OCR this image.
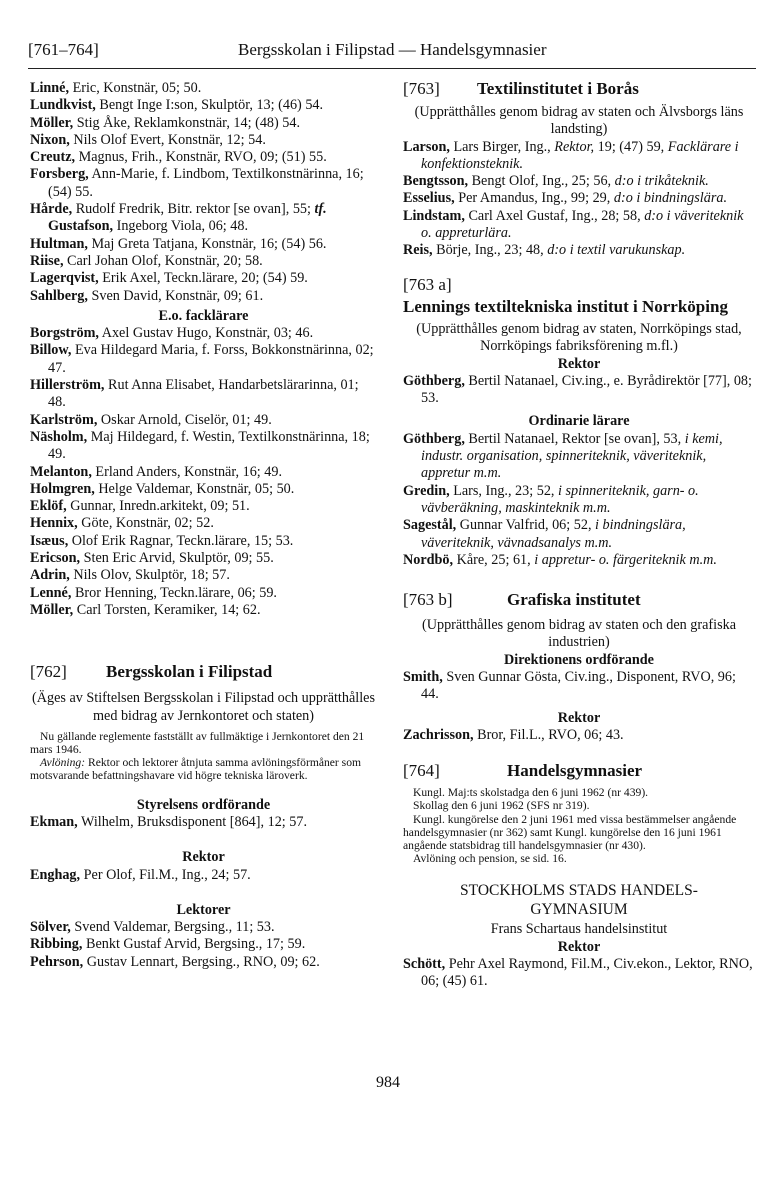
[761–764]	Bergsskolan i Filipstad — Handelsgymnasier

Linné, Eric, Konstnär, 05; 50.

Lundkvist, Bengt Inge I:son, Skulptör, 13; (46) 54.

Möller, Stig Åke, Reklamkonstnär, 14; (48) 54.

Nixon, Nils Olof Evert, Konstnär, 12; 54.

Creutz, Magnus, Frih., Konstnär, RVO, 09; (51) 55.

Forsberg, Ann-Marie, f. Lindbom, Textilkonstnärinna, 16; (54) 55.

Hårde, Rudolf Fredrik, Bitr. rektor [se ovan], 55; tf. Gustafson, Ingeborg Viola, 06; 48.

Hultman, Maj Greta Tatjana, Konstnär, 16; (54) 56.

Riise, Carl Johan Olof, Konstnär, 20; 58.

Lagerqvist, Erik Axel, Teckn.lärare, 20; (54) 59.

Sahlberg, Sven David, Konstnär, 09; 61.

E.o. facklärare

Borgström, Axel Gustav Hugo, Konstnär, 03; 46.

Billow, Eva Hildegard Maria, f. Forss, Bokkonstnärinna, 02; 47.

Hillerström, Rut Anna Elisabet, Handarbetslärarinna, 01; 48.

Karlström, Oskar Arnold, Ciselör, 01; 49.

Näsholm, Maj Hildegard, f. Westin, Textilkonstnärinna, 18; 49.

Melanton, Erland Anders, Konstnär, 16; 49.

Holmgren, Helge Valdemar, Konstnär, 05; 50.

Eklöf, Gunnar, Inredn.arkitekt, 09; 51.

Hennix, Göte, Konstnär, 02; 52.

Isæus, Olof Erik Ragnar, Teckn.lärare, 15; 53.

Ericson, Sten Eric Arvid, Skulptör, 09; 55.

Adrin, Nils Olov, Skulptör, 18; 57.

Lenné, Bror Henning, Teckn.lärare, 06; 59.

Möller, Carl Torsten, Keramiker, 14; 62.

[762] Bergsskolan i Filipstad

(Äges av Stiftelsen Bergsskolan i Filipstad och upprätthålles med bidrag av Jernkontoret och staten)

Nu gällande reglemente fastställt av fullmäktige i Jernkontoret den 21 mars 1946.

Avlöning: Rektor och lektorer åtnjuta samma avlöningsförmåner som motsvarande befattningshavare vid högre tekniska läroverk.

Styrelsens ordförande

Ekman, Wilhelm, Bruksdisponent [864], 12; 57.

Rektor

Enghag, Per Olof, Fil.M., Ing., 24; 57.

Lektorer

Sölver, Svend Valdemar, Bergsing., 11; 53.

Ribbing, Benkt Gustaf Arvid, Bergsing., 17; 59.

Pehrson, Gustav Lennart, Bergsing., RNO, 09; 62.

[763] Textilinstitutet i Borås

(Upprätthålles genom bidrag av staten och Älvsborgs läns landsting)

Larson, Lars Birger, Ing., Rektor, 19; (47) 59, Facklärare i konfektionsteknik.

Bengtsson, Bengt Olof, Ing., 25; 56, d:o i trikåteknik.

Esselius, Per Amandus, Ing., 99; 29, d:o i bindningslära.

Lindstam, Carl Axel Gustaf, Ing., 28; 58, d:o i väveriteknik o. appreturlära.

Reis, Börje, Ing., 23; 48, d:o i textil varukunskap.

[763 a]

Lennings textiltekniska institut i Norrköping

(Upprätthålles genom bidrag av staten, Norrköpings stad, Norrköpings fabriksförening m.fl.)

Rektor

Göthberg, Bertil Natanael, Civ.ing., e. Byrådirektör [77], 08; 53.

Ordinarie lärare

Göthberg, Bertil Natanael, Rektor [se ovan], 53, i kemi, industr. organisation, spinneriteknik, väveriteknik, appretur m.m.

Gredin, Lars, Ing., 23; 52, i spinneriteknik, garn- o. vävberäkning, maskinteknik m.m.

Sagestål, Gunnar Valfrid, 06; 52, i bindningslära, väveriteknik, vävnadsanalys m.m.

Nordbö, Kåre, 25; 61, i appretur- o. färgeriteknik m.m.

[763 b]	Grafiska institutet

(Upprätthålles genom bidrag av staten och den grafiska industrien)

Direktionens ordförande

Smith, Sven Gunnar Gösta, Civ.ing., Disponent, RVO, 96; 44.

Rektor

Zachrisson, Bror, Fil.L., RVO, 06; 43.

[764]	Handelsgymnasier

Kungl. Maj:ts skolstadga den 6 juni 1962 (nr 439).

Skollag den 6 juni 1962 (SFS nr 319).

Kungl. kungörelse den 2 juni 1961 med vissa bestämmelser angående handelsgymnasier (nr 362) samt Kungl. kungörelse den 16 juni 1961 angående statsbidrag till handelsgymnasier (nr 430).

Avlöning och pension, se sid. 16.

STOCKHOLMS STADS HANDELS-

GYMNASIUM

Frans Schartaus handelsinstitut

Rektor

Schött, Pehr Axel Raymond, Fil.M., Civ.ekon., Lektor, RNO, 06; (45) 61.

984
